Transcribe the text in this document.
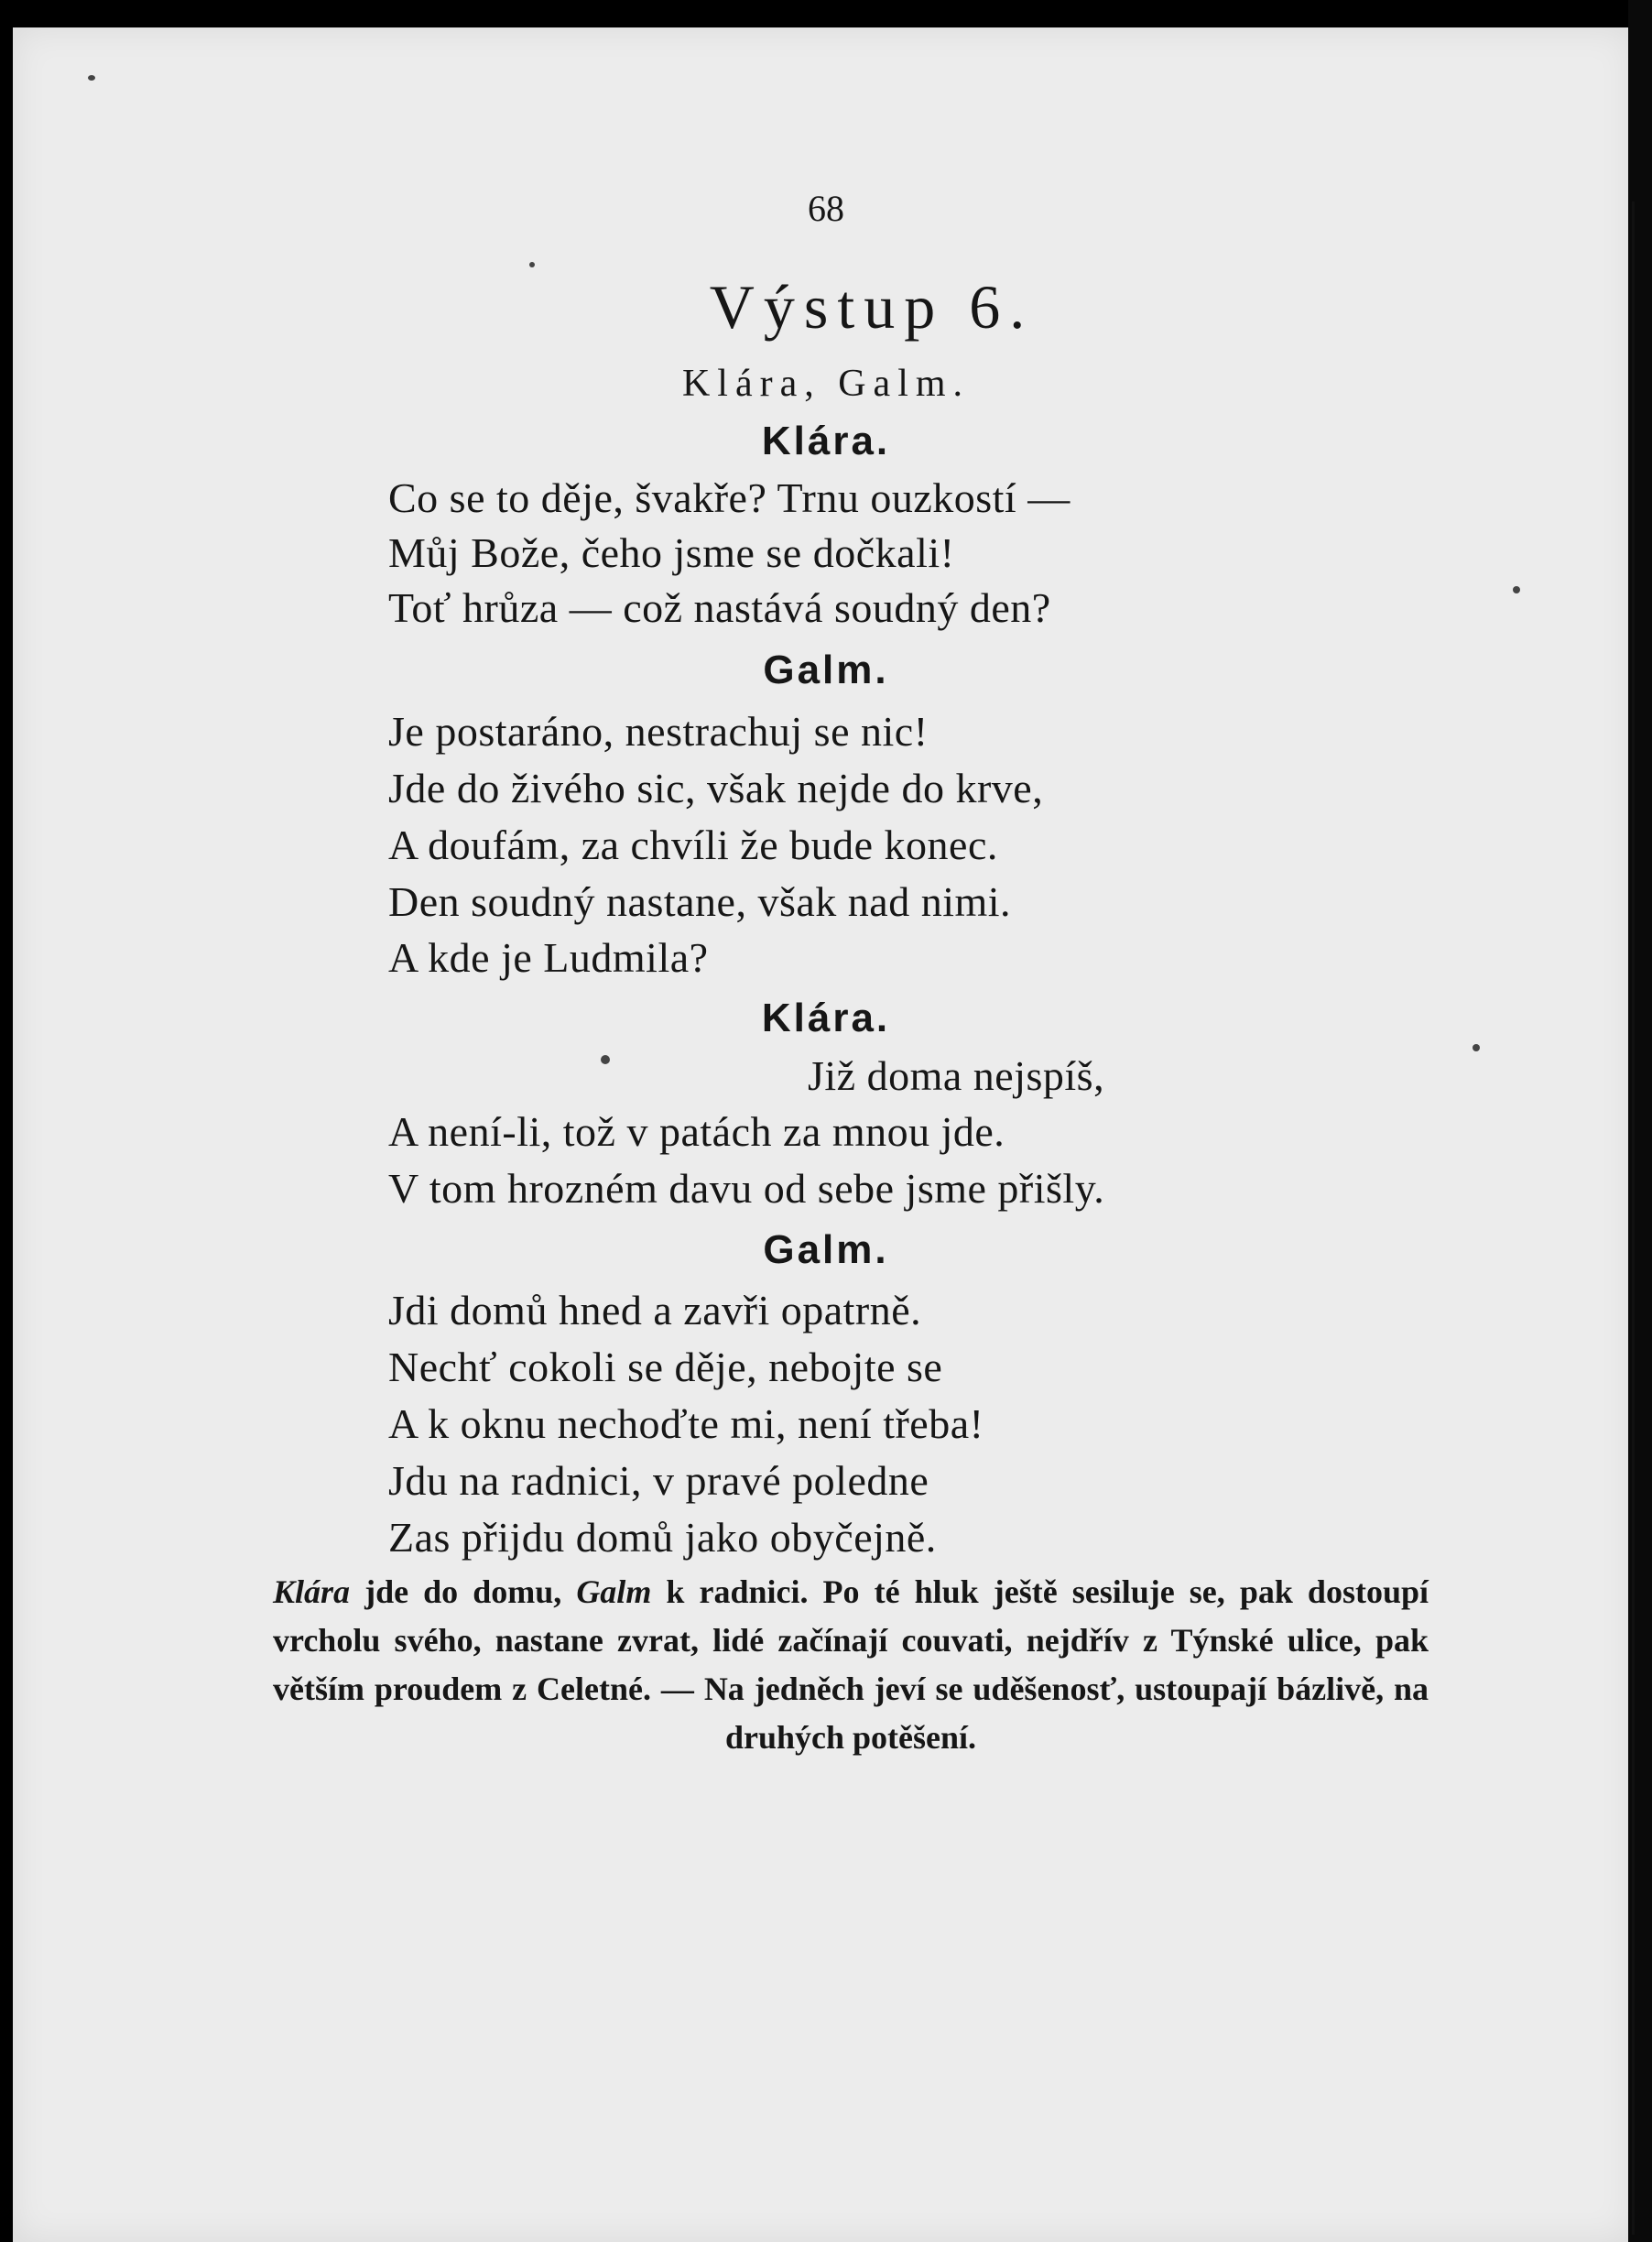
68
Výstup 6.
Klára, Galm.
Klára.
Co se to děje, švakře? Trnu ouzkostí —
Můj Bože, čeho jsme se dočkali!
Toť hrůza — což nastává soudný den?
Galm.
Je postaráno, nestrachuj se nic!
Jde do živého sic, však nejde do krve,
A doufám, za chvíli že bude konec.
Den soudný nastane, však nad nimi.
A kde je Ludmila?
Klára.
Již doma nejspíš,
A není-li, tož v patách za mnou jde.
V tom hrozném davu od sebe jsme přišly.
Galm.
Jdi domů hned a zavři opatrně.
Nechť cokoli se děje, nebojte se
A k oknu nechoďte mi, není třeba!
Jdu na radnici, v pravé poledne
Zas přijdu domů jako obyčejně.
Klára jde do domu, Galm k radnici. Po té hluk ještě sesiluje se, pak dostoupí vrcholu svého, nastane zvrat, lidé začínají couvati, nejdřív z Týnské ulice, pak větším proudem z Celetné. — Na jedněch jeví se uděšenosť, ustoupají bázlivě, na druhých potěšení.
